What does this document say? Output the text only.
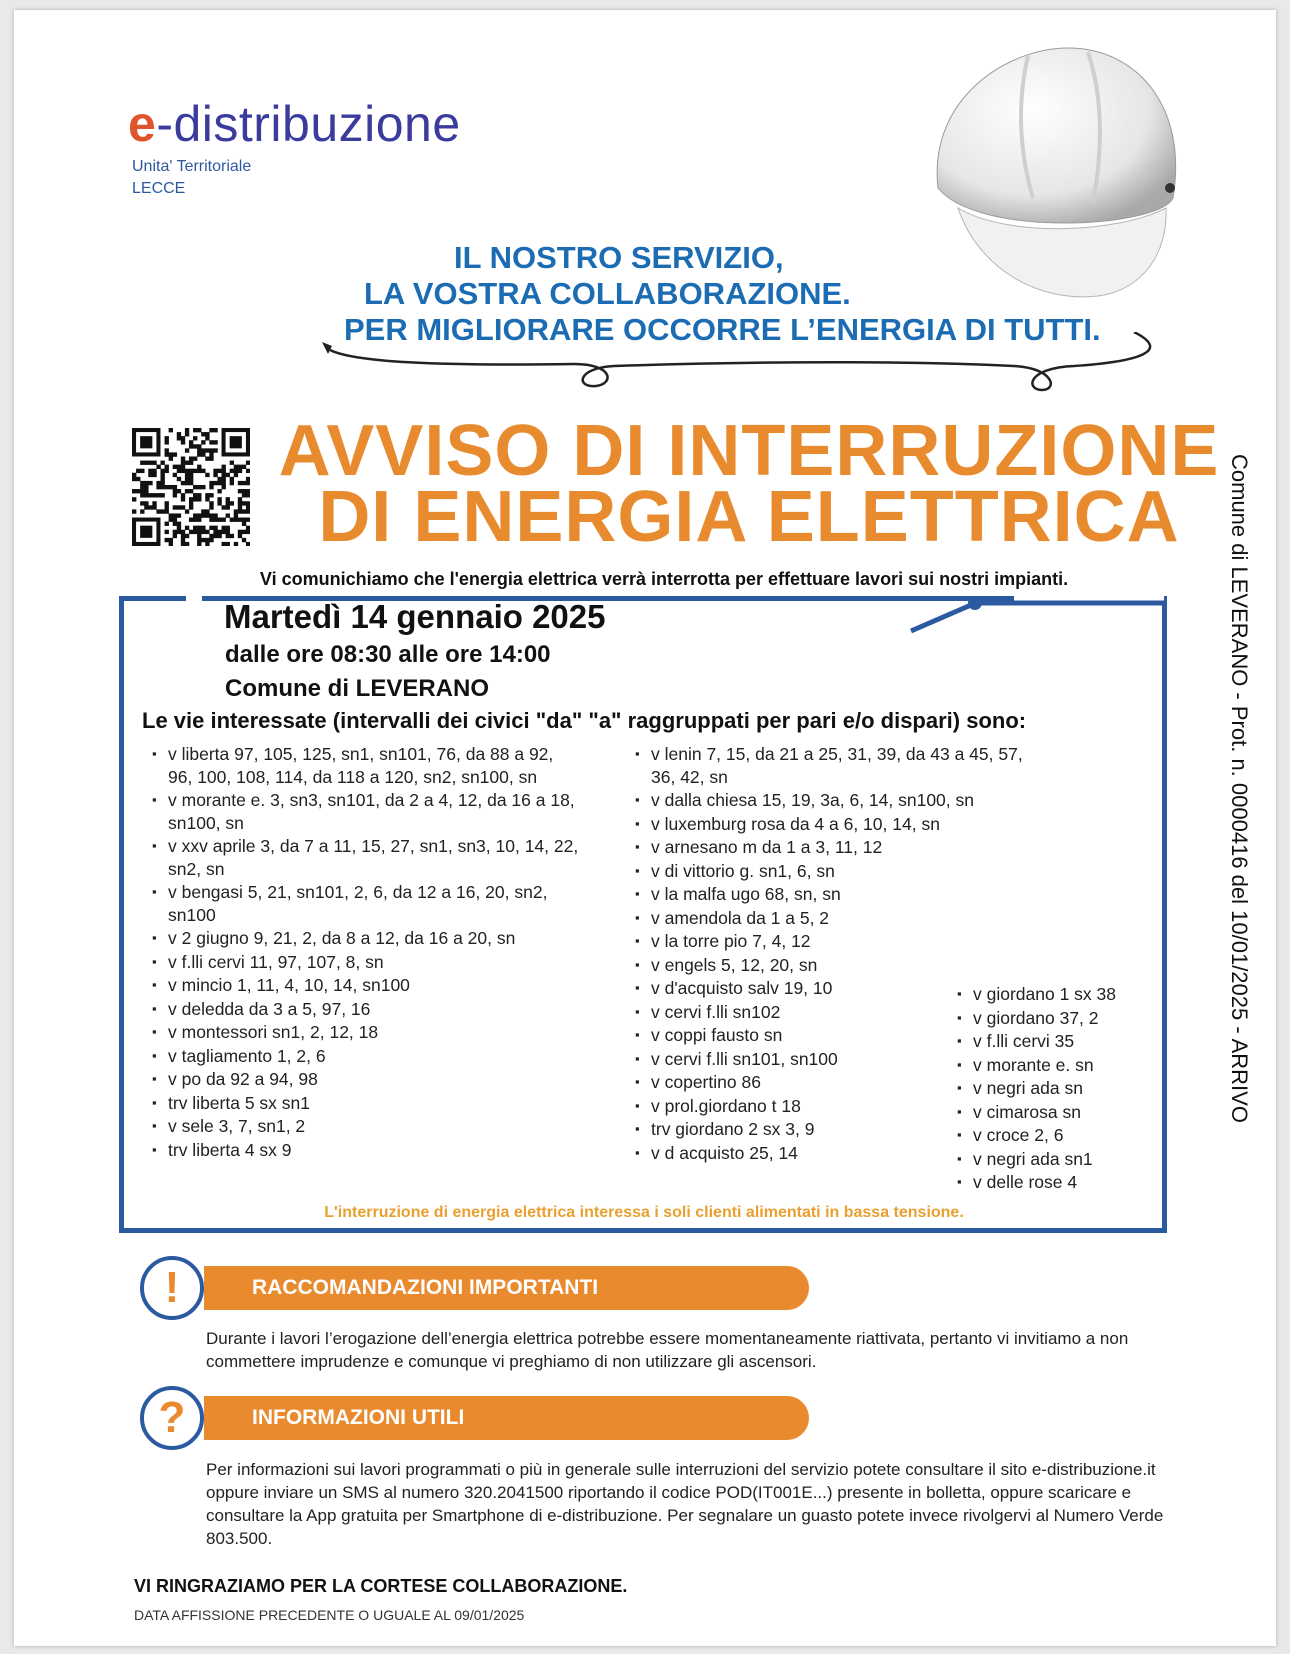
e-distribuzione
Unita' Territoriale
LECCE
IL NOSTRO SERVIZIO,
LA VOSTRA COLLABORAZIONE.
PER MIGLIORARE OCCORRE L’ENERGIA DI TUTTI.
AVVISO DI INTERRUZIONE
DI ENERGIA ELETTRICA
Vi comunichiamo che l'energia elettrica verrà interrotta per effettuare lavori sui nostri impianti.
Martedì 14 gennaio 2025
dalle ore 08:30 alle ore 14:00
Comune di LEVERANO
Le vie interessate (intervalli dei civici "da" "a" raggruppati per pari e/o dispari) sono:
▪ v liberta 97, 105, 125, sn1, sn101, 76, da 88 a 92, 96, 100, 108, 114, da 118 a 120, sn2, sn100, sn
▪ v morante e. 3, sn3, sn101, da 2 a 4, 12, da 16 a 18, sn100, sn
▪ v xxv aprile 3, da 7 a 11, 15, 27, sn1, sn3, 10, 14, 22, sn2, sn
▪ v bengasi 5, 21, sn101, 2, 6, da 12 a 16, 20, sn2, sn100
▪ v 2 giugno 9, 21, 2, da 8 a 12, da 16 a 20, sn
▪ v f.lli cervi 11, 97, 107, 8, sn
▪ v mincio 1, 11, 4, 10, 14, sn100
▪ v deledda da 3 a 5, 97, 16
▪ v montessori sn1, 2, 12, 18
▪ v tagliamento 1, 2, 6
▪ v po da 92 a 94, 98
▪ trv liberta 5 sx sn1
▪ v sele 3, 7, sn1, 2
▪ trv liberta 4 sx 9
▪ v lenin 7, 15, da 21 a 25, 31, 39, da 43 a 45, 57, 36, 42, sn
▪ v dalla chiesa 15, 19, 3a, 6, 14, sn100, sn
▪ v luxemburg rosa da 4 a 6, 10, 14, sn
▪ v arnesano m da 1 a 3, 11, 12
▪ v di vittorio g. sn1, 6, sn
▪ v la malfa ugo 68, sn, sn
▪ v amendola da 1 a 5, 2
▪ v la torre pio 7, 4, 12
▪ v engels 5, 12, 20, sn
▪ v d'acquisto salv 19, 10
▪ v cervi f.lli sn102
▪ v coppi fausto sn
▪ v cervi f.lli sn101, sn100
▪ v copertino 86
▪ v prol.giordano t 18
▪ trv giordano 2 sx 3, 9
▪ v d acquisto 25, 14
▪ v giordano 1 sx 38
▪ v giordano 37, 2
▪ v f.lli cervi 35
▪ v morante e. sn
▪ v negri ada sn
▪ v cimarosa sn
▪ v croce 2, 6
▪ v negri ada sn1
▪ v delle rose 4
L'interruzione di energia elettrica interessa i soli clienti alimentati in bassa tensione.
RACCOMANDAZIONI IMPORTANTI
!
Durante i lavori l’erogazione dell’energia elettrica potrebbe essere momentaneamente riattivata, pertanto vi invitiamo a non commettere imprudenze e comunque vi preghiamo di non utilizzare gli ascensori.
INFORMAZIONI UTILI
?
Per informazioni sui lavori programmati o più in generale sulle interruzioni del servizio potete consultare il sito e-distribuzione.it oppure inviare un SMS al numero 320.2041500 riportando il codice POD(IT001E...) presente in bolletta, oppure scaricare e consultare la App gratuita per Smartphone di e-distribuzione. Per segnalare un guasto potete invece rivolgervi al Numero Verde 803.500.
VI RINGRAZIAMO PER LA CORTESE COLLABORAZIONE.
DATA AFFISSIONE PRECEDENTE O UGUALE AL 09/01/2025
Comune di LEVERANO - Prot. n. 0000416 del 10/01/2025 - ARRIVO
